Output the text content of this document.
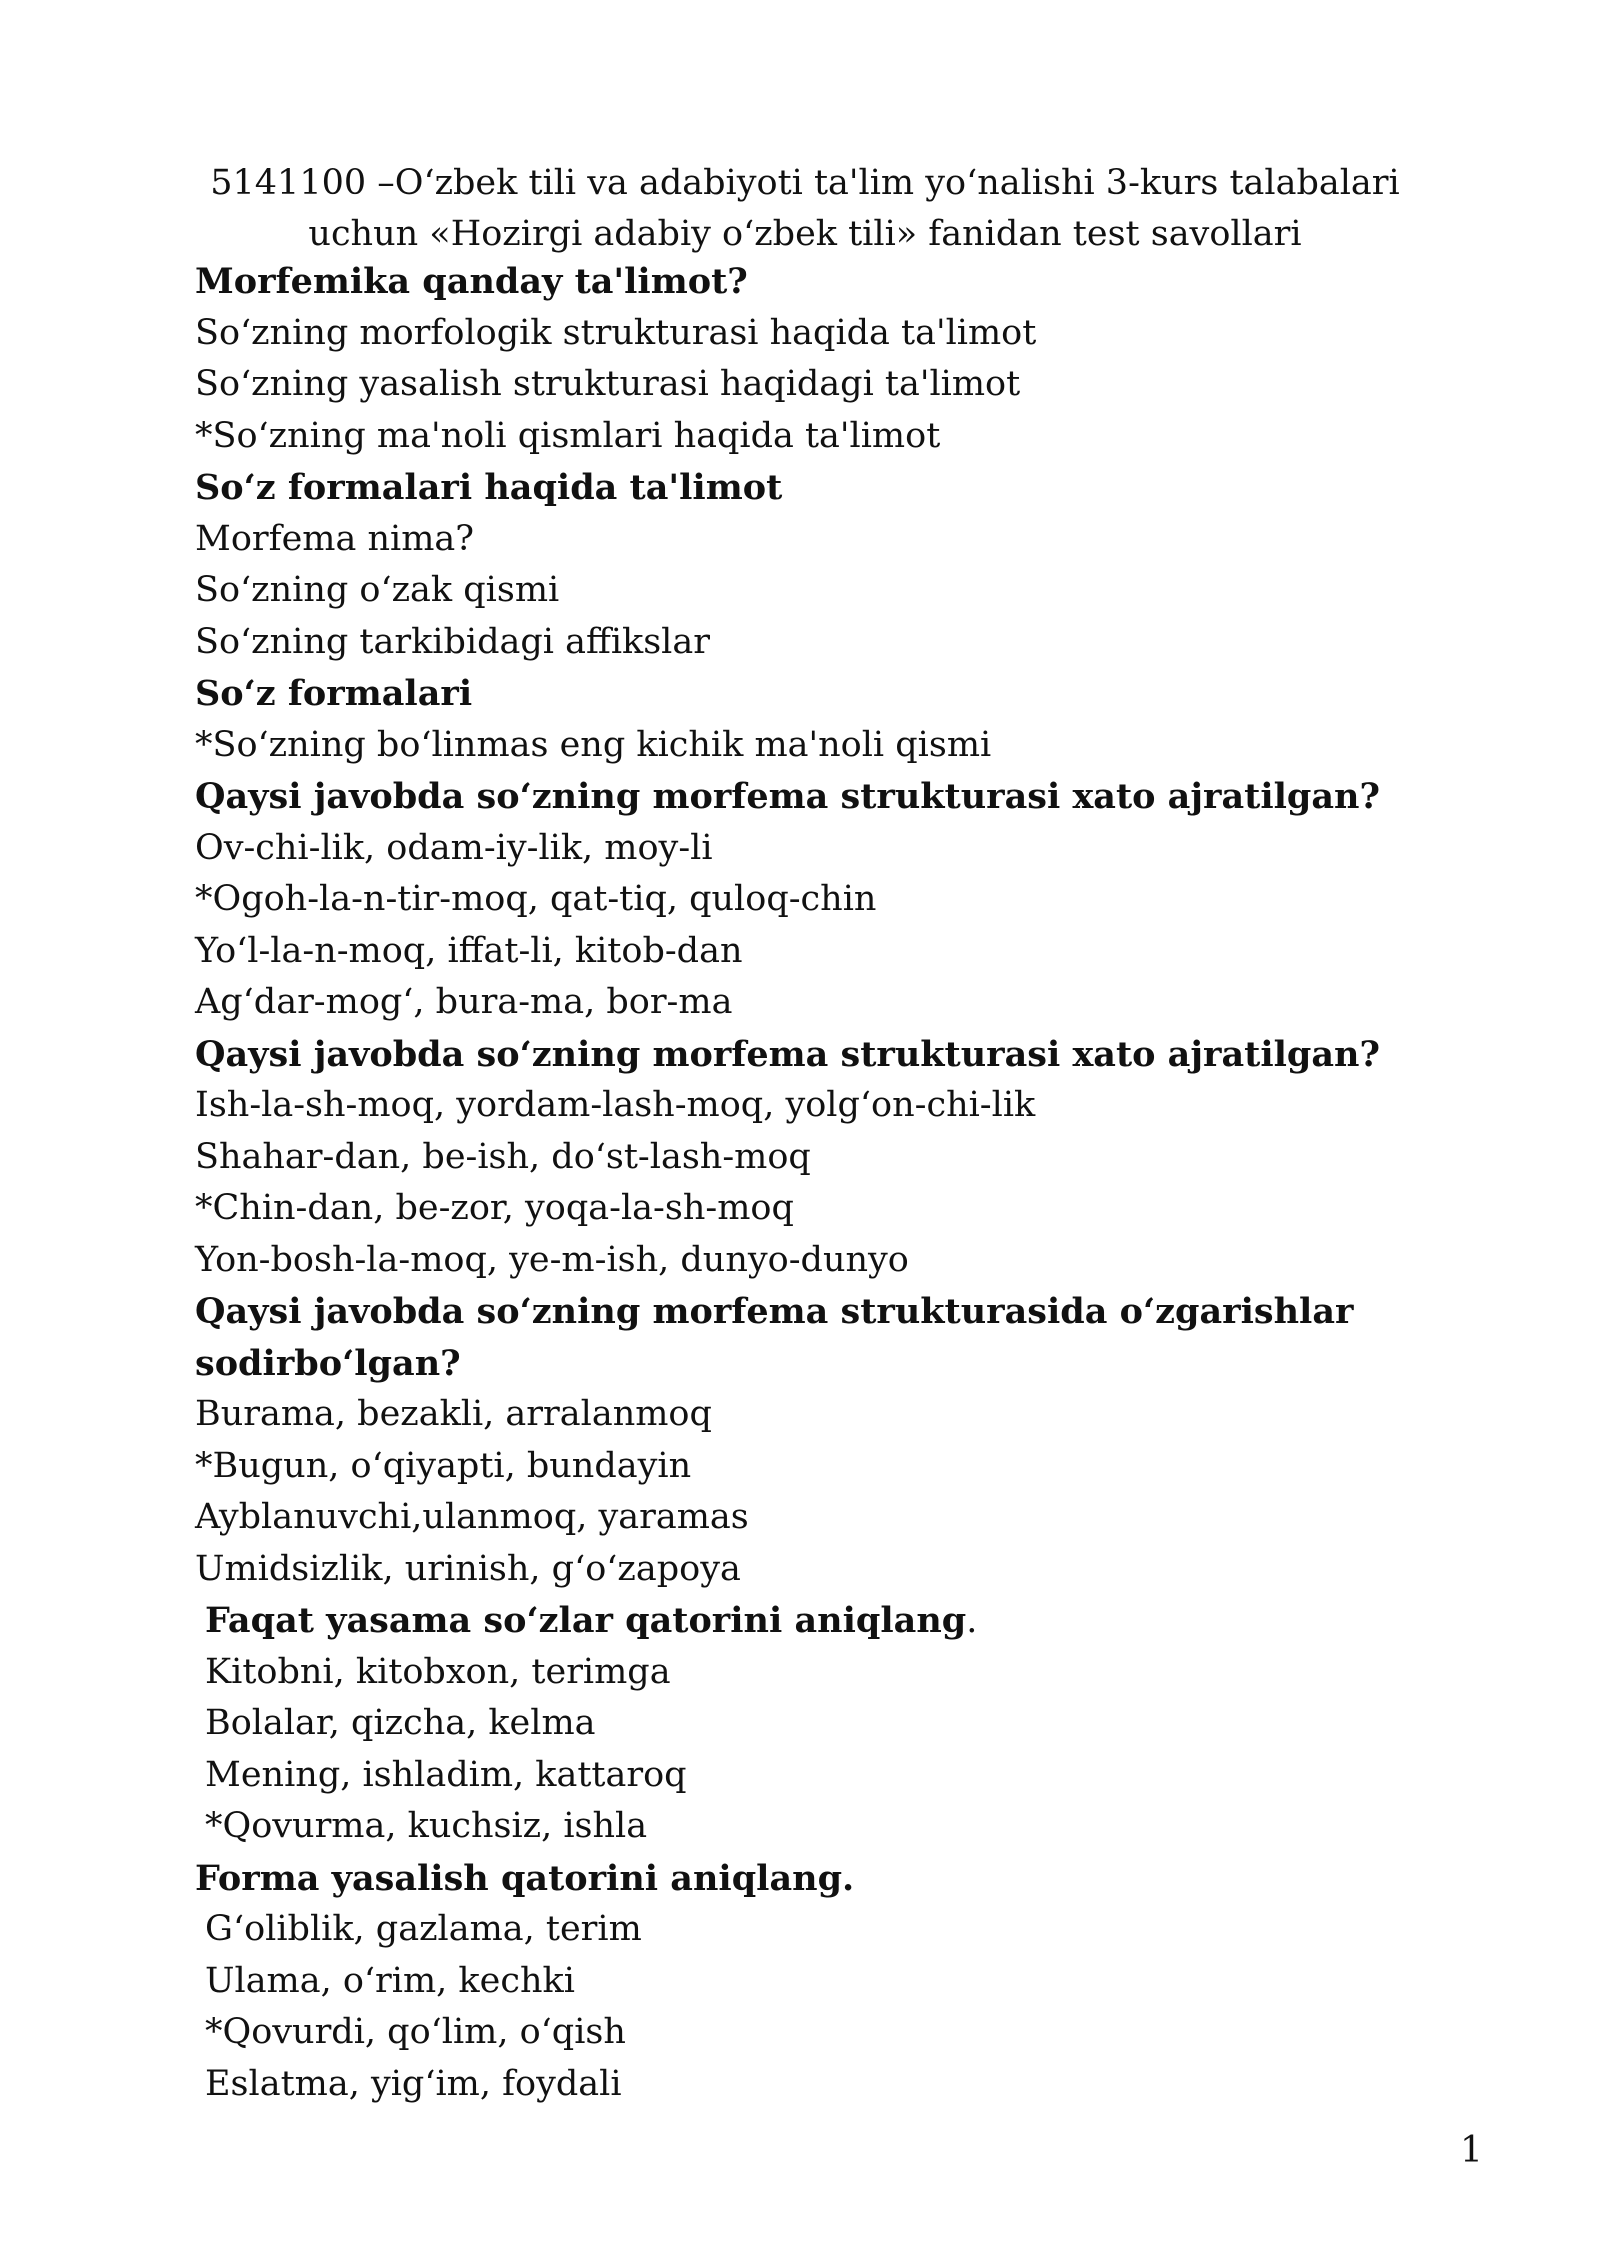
5141100 –O‘zbek tili va adabiyoti ta'lim yo‘nalishi 3-kurs talabalari
uchun «Hozirgi adabiy o‘zbek tili» fanidan test savollari
Morfemika qanday ta'limot?
So‘zning morfologik strukturasi haqida ta'limot
So‘zning yasalish strukturasi haqidagi ta'limot
*So‘zning ma'noli qismlari haqida ta'limot
So‘z formalari haqida ta'limot
Morfema nima?
So‘zning o‘zak qismi
So‘zning tarkibidagi affikslar
So‘z formalari
*So‘zning bo‘linmas eng kichik ma'noli qismi
Qaysi javobda so‘zning morfema strukturasi xato ajratilgan?
Ov-chi-lik, odam-iy-lik, moy-li
*Ogoh-la-n-tir-moq, qat-tiq, quloq-chin
Yo‘l-la-n-moq, iffat-li, kitob-dan
Ag‘dar-mog‘, bura-ma, bor-ma
Qaysi javobda so‘zning morfema strukturasi xato ajratilgan?
Ish-la-sh-moq, yordam-lash-moq, yolg‘on-chi-lik
Shahar-dan, be-ish, do‘st-lash-moq
*Chin-dan, be-zor, yoqa-la-sh-moq
Yon-bosh-la-moq, ye-m-ish, dunyo-dunyo
Qaysi javobda so‘zning morfema strukturasida o‘zgarishlar
sodirbo‘lgan?
Burama, bezakli, arralanmoq
*Bugun, o‘qiyapti, bundayin
Ayblanuvchi,ulanmoq, yaramas
Umidsizlik, urinish, g‘o‘zapoya
Faqat yasama so‘zlar qatorini aniqlang.
Kitobni, kitobxon, terimga
Bolalar, qizcha, kelma
Mening, ishladim, kattaroq
*Qovurma, kuchsiz, ishla
Forma yasalish qatorini aniqlang.
G‘oliblik, gazlama, terim
Ulama, o‘rim, kechki
*Qovurdi, qo‘lim, o‘qish
Eslatma, yig‘im, foydali
1
